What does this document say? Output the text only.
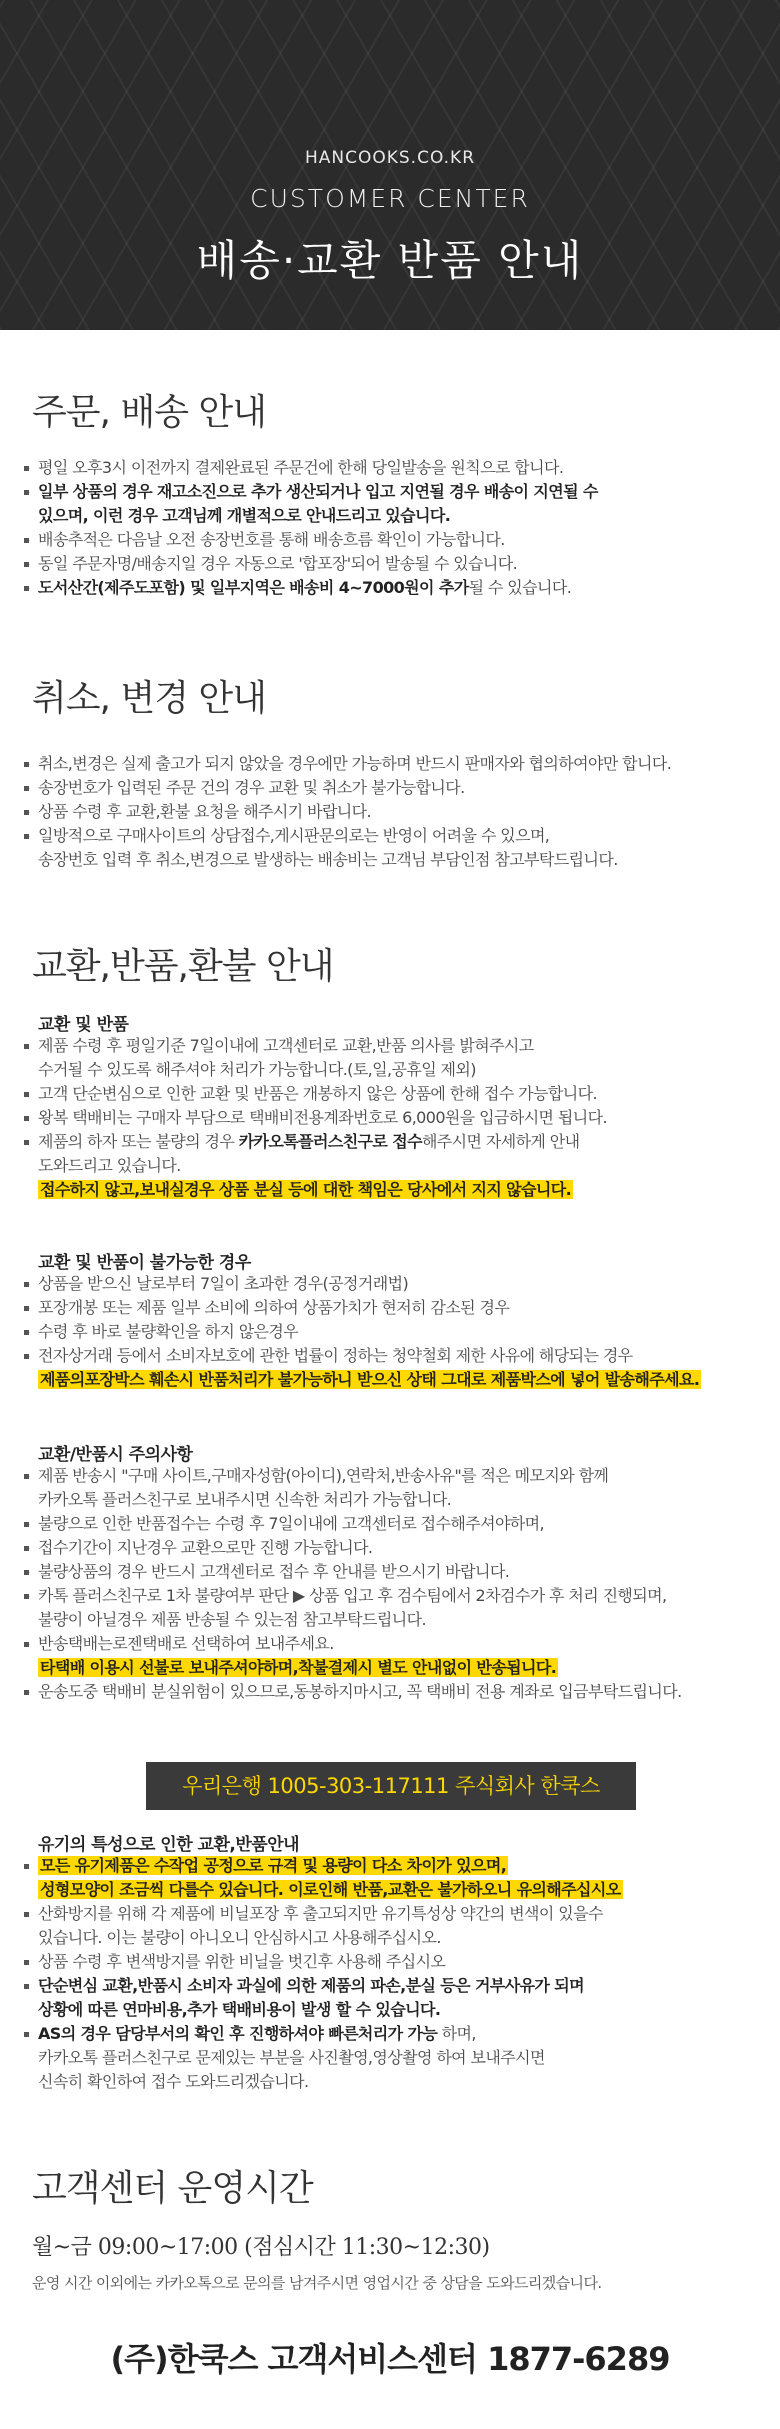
HANCOOKS.CO.KR
CUSTOMER CENTER
배송·교환 반품 안내
주문, 배송 안내
평일 오후3시 이전까지 결제완료된 주문건에 한해 당일발송을 원칙으로 합니다.
일부 상품의 경우 재고소진으로 추가 생산되거나 입고 지연될 경우 배송이 지연될 수
있으며, 이런 경우 고객님께 개별적으로 안내드리고 있습니다.
배송추적은 다음날 오전 송장번호를 통해 배송흐름 확인이 가능합니다.
동일 주문자명/배송지일 경우 자동으로 '합포장'되어 발송될 수 있습니다.
도서산간(제주도포함) 및 일부지역은 배송비 4~7000원이 추가될 수 있습니다.
취소, 변경 안내
취소,변경은 실제 출고가 되지 않았을 경우에만 가능하며 반드시 판매자와 협의하여야만 합니다.
송장번호가 입력된 주문 건의 경우 교환 및 취소가 불가능합니다.
상품 수령 후 교환,환불 요청을 해주시기 바랍니다.
일방적으로 구매사이트의 상담접수,게시판문의로는 반영이 어려울 수 있으며,
송장번호 입력 후 취소,변경으로 발생하는 배송비는 고객님 부담인점 참고부탁드립니다.
교환,반품,환불 안내
교환 및 반품
제품 수령 후 평일기준 7일이내에 고객센터로 교환,반품 의사를 밝혀주시고
수거될 수 있도록 해주셔야 처리가 가능합니다.(토,일,공휴일 제외)
고객 단순변심으로 인한 교환 및 반품은 개봉하지 않은 상품에 한해 접수 가능합니다.
왕복 택배비는 구매자 부담으로 택배비전용계좌번호로 6,000원을 입금하시면 됩니다.
제품의 하자 또는 불량의 경우 카카오톡플러스친구로 접수해주시면 자세하게 안내
도와드리고 있습니다.
접수하지 않고,보내실경우 상품 분실 등에 대한 책임은 당사에서 지지 않습니다.
교환 및 반품이 불가능한 경우
상품을 받으신 날로부터 7일이 초과한 경우(공정거래법)
포장개봉 또는 제품 일부 소비에 의하여 상품가치가 현저히 감소된 경우
수령 후 바로 불량확인을 하지 않은경우
전자상거래 등에서 소비자보호에 관한 법률이 정하는 청약철회 제한 사유에 해당되는 경우
제품의포장박스 훼손시 반품처리가 불가능하니 받으신 상태 그대로 제품박스에 넣어 발송해주세요.
교환/반품시 주의사항
제품 반송시 "구매 사이트,구매자성함(아이디),연락처,반송사유"를 적은 메모지와 함께
카카오톡 플러스친구로 보내주시면 신속한 처리가 가능합니다.
불량으로 인한 반품접수는 수령 후 7일이내에 고객센터로 접수해주셔야하며,
접수기간이 지난경우 교환으로만 진행 가능합니다.
불량상품의 경우 반드시 고객센터로 접수 후 안내를 받으시기 바랍니다.
카톡 플러스친구로 1차 불량여부 판단 ▶ 상품 입고 후 검수팀에서 2차검수가 후 처리 진행되며,
불량이 아닐경우 제품 반송될 수 있는점 참고부탁드립니다.
반송택배는로젠택배로 선택하여 보내주세요.
타택배 이용시 선불로 보내주셔야하며,착불결제시 별도 안내없이 반송됩니다.
운송도중 택배비 분실위험이 있으므로,동봉하지마시고, 꼭 택배비 전용 계좌로 입금부탁드립니다.
우리은행 1005-303-117111 주식회사 한쿡스
유기의 특성으로 인한 교환,반품안내
모든 유기제품은 수작업 공정으로 규격 및 용량이 다소 차이가 있으며,
성형모양이 조금씩 다를수 있습니다. 이로인해 반품,교환은 불가하오니 유의해주십시오
산화방지를 위해 각 제품에 비닐포장 후 출고되지만 유기특성상 약간의 변색이 있을수
있습니다. 이는 불량이 아니오니 안심하시고 사용해주십시오.
상품 수령 후 변색방지를 위한 비닐을 벗긴후 사용해 주십시오
단순변심 교환,반품시 소비자 과실에 의한 제품의 파손,분실 등은 거부사유가 되며
상황에 따른 연마비용,추가 택배비용이 발생 할 수 있습니다.
AS의 경우 담당부서의 확인 후 진행하셔야 빠른처리가 가능 하며,
카카오톡 플러스친구로 문제있는 부분을 사진촬영,영상촬영 하여 보내주시면
신속히 확인하여 접수 도와드리겠습니다.
고객센터 운영시간
월~금 09:00~17:00 (점심시간 11:30~12:30)
운영 시간 이외에는 카카오톡으로 문의를 남겨주시면 영업시간 중 상담을 도와드리겠습니다.
(주)한쿡스 고객서비스센터 1877-6289
